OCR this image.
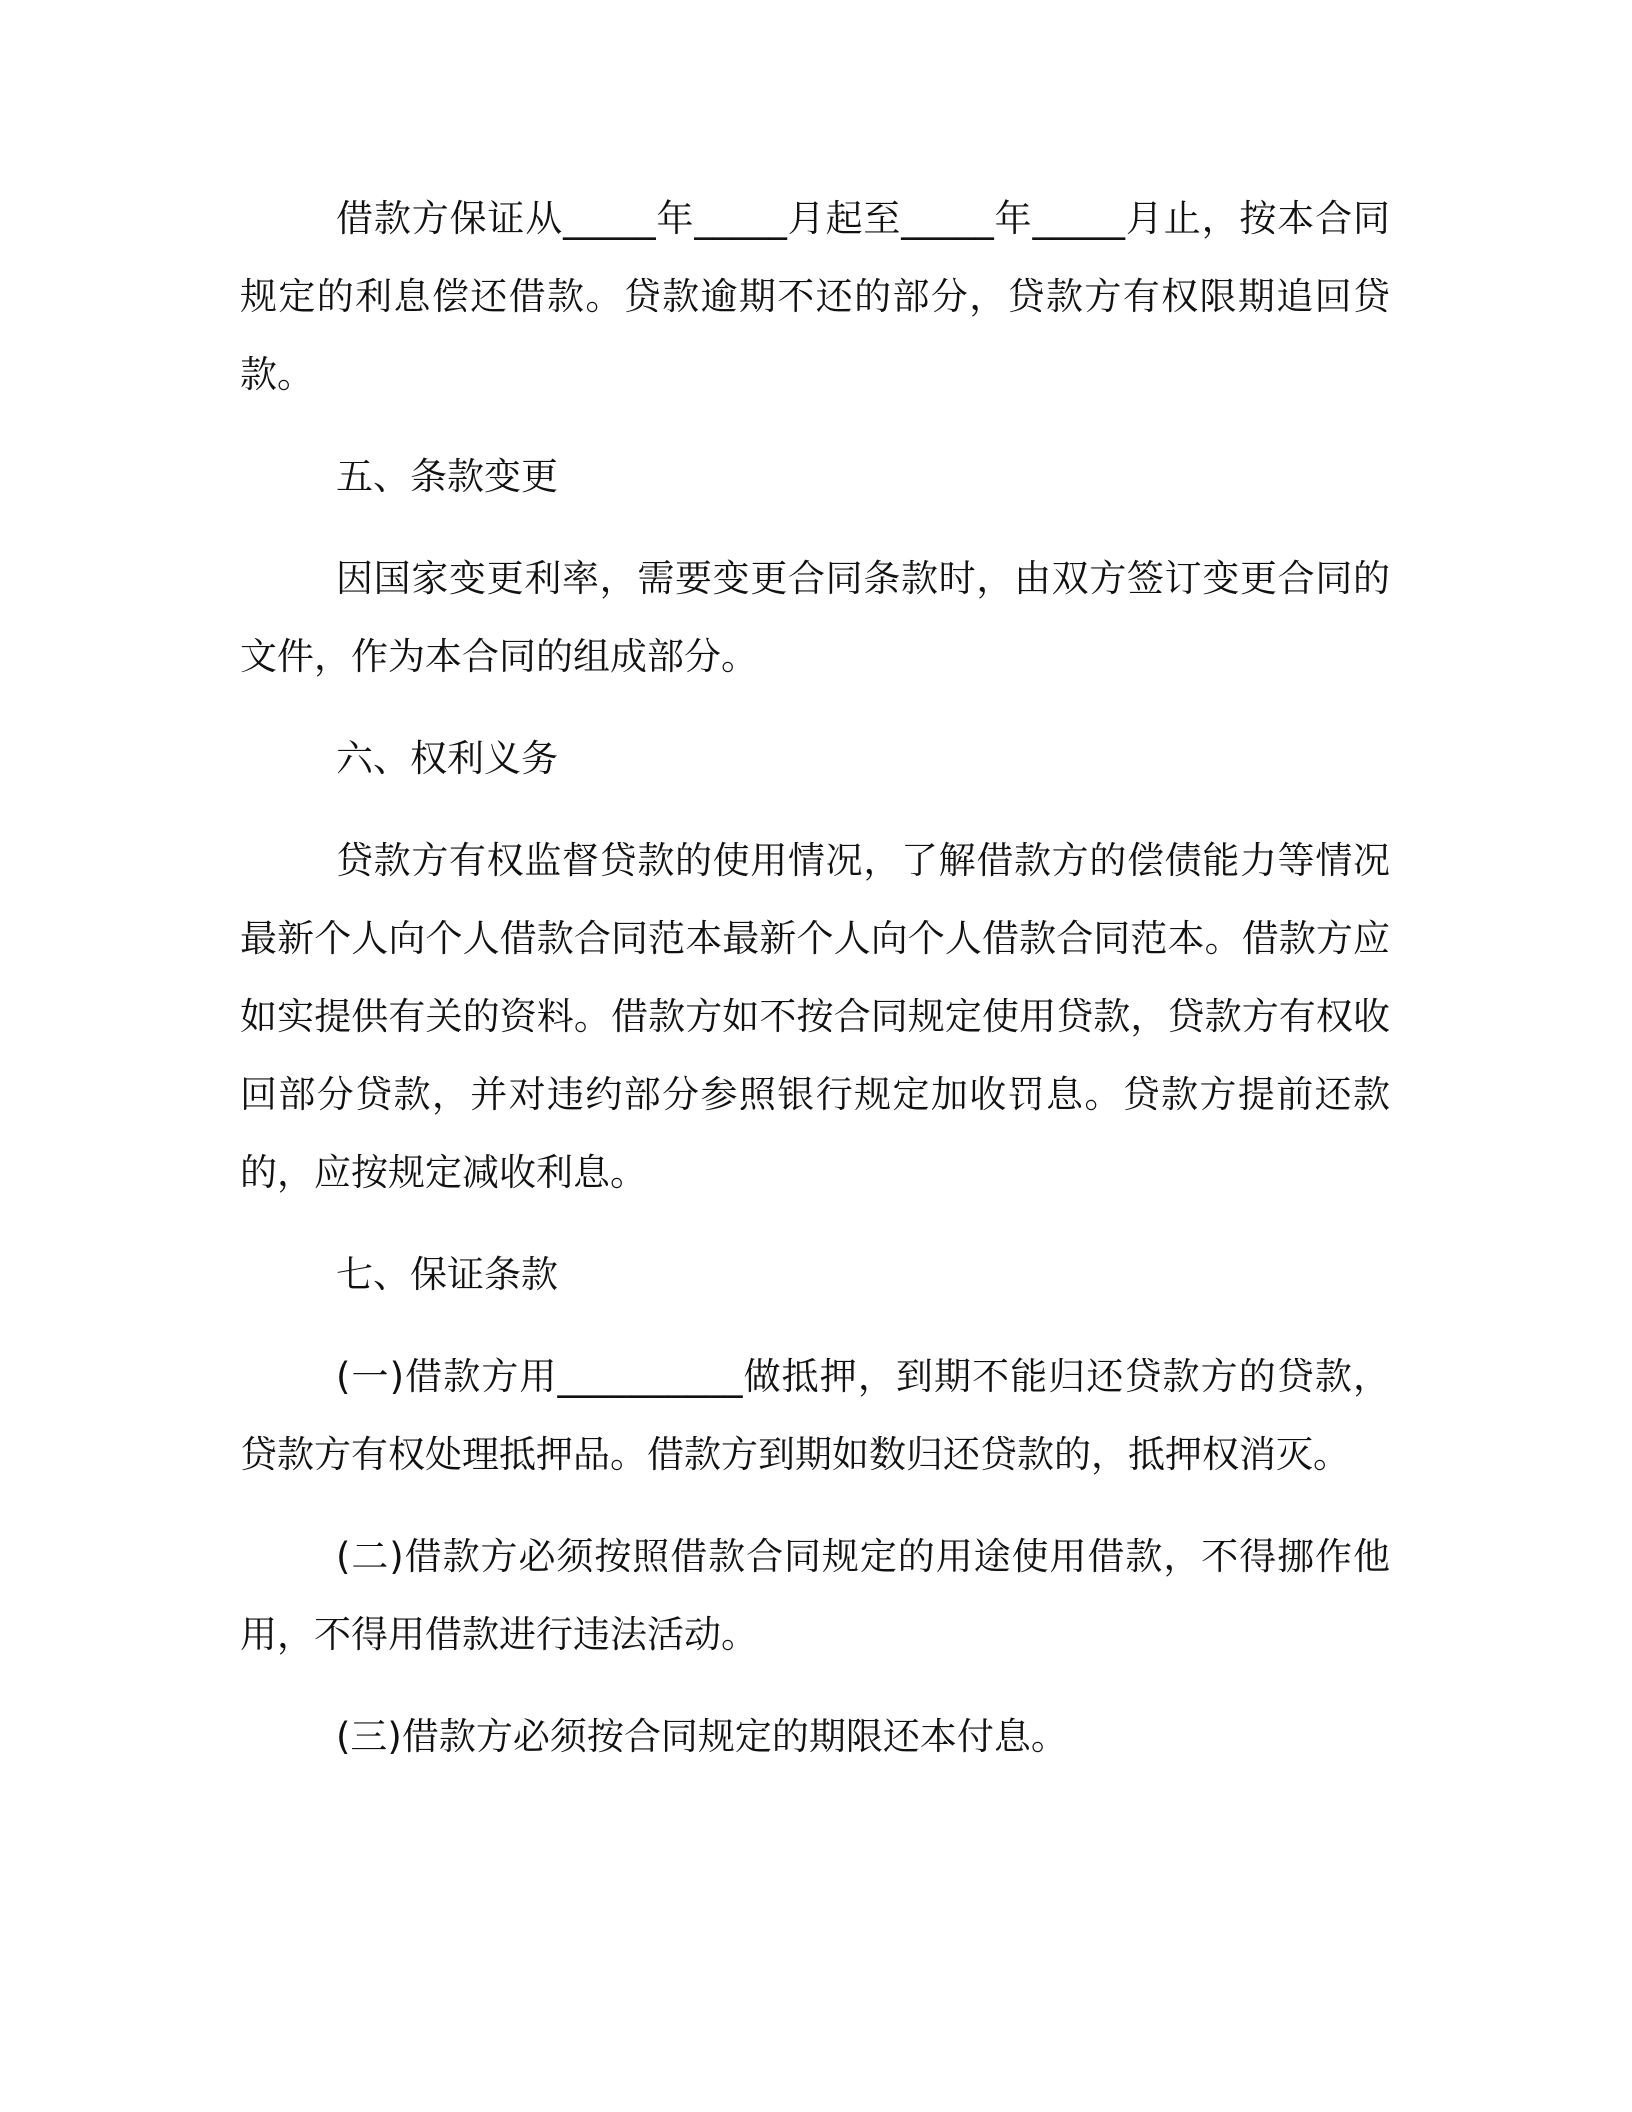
借款方保证从_____年_____月起至_____年_____月止，按本合同规定的利息偿还借款。贷款逾期不还的部分，贷款方有权限期追回贷款。

五、条款变更

因国家变更利率，需要变更合同条款时，由双方签订变更合同的文件，作为本合同的组成部分。

六、权利义务

贷款方有权监督贷款的使用情况，了解借款方的偿债能力等情况最新个人向个人借款合同范本最新个人向个人借款合同范本。借款方应如实提供有关的资料。借款方如不按合同规定使用贷款，贷款方有权收回部分贷款，并对违约部分参照银行规定加收罚息。贷款方提前还款的，应按规定减收利息。

七、保证条款

(一)借款方用__________做抵押，到期不能归还贷款方的贷款，贷款方有权处理抵押品。借款方到期如数归还贷款的，抵押权消灭。

(二)借款方必须按照借款合同规定的用途使用借款，不得挪作他用，不得用借款进行违法活动。

(三)借款方必须按合同规定的期限还本付息。
